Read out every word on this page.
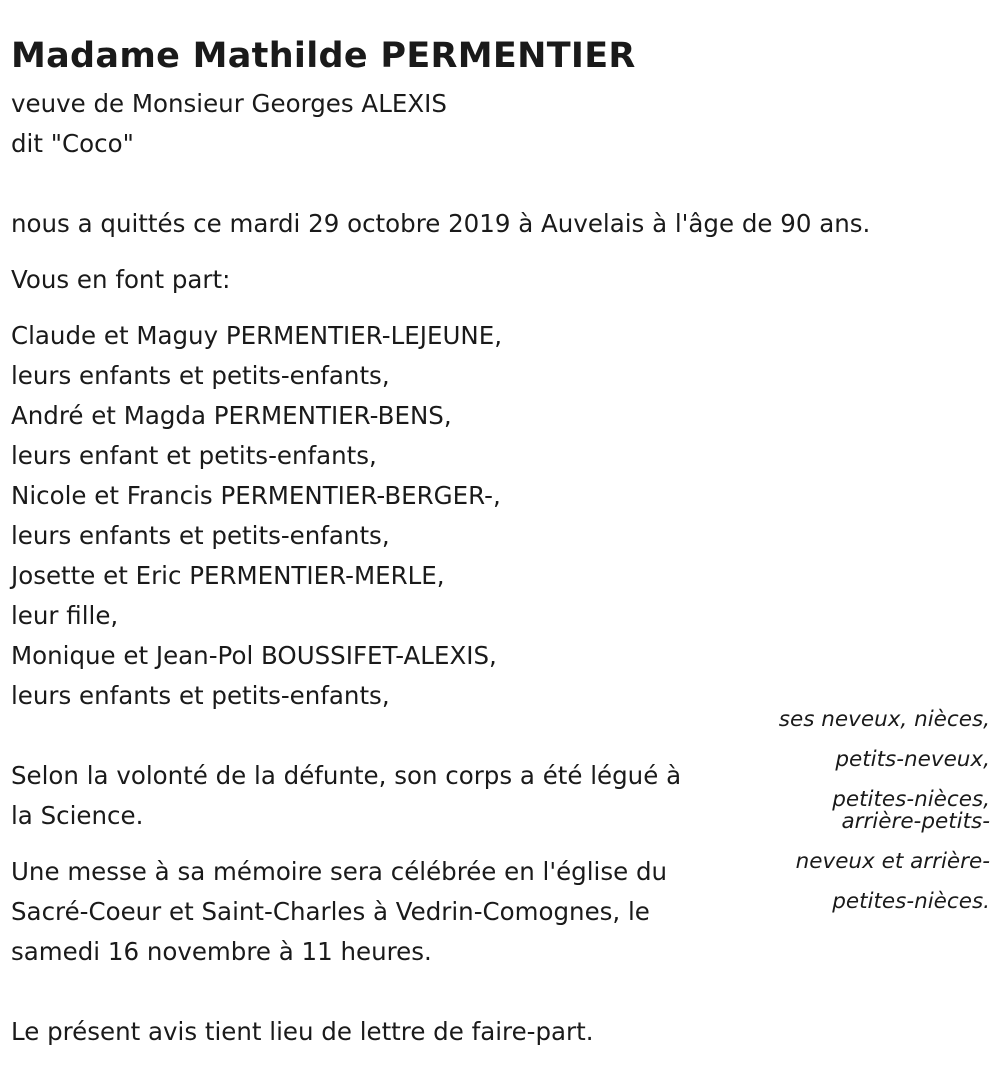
Madame Mathilde PERMENTIER
veuve de Monsieur Georges ALEXIS
dit "Coco"
nous a quittés ce mardi 29 octobre 2019 à Auvelais à l'âge de 90 ans.
Vous en font part:
Claude et Maguy PERMENTIER-LEJEUNE,
leurs enfants et petits-enfants,
André et Magda PERMENTIER-BENS,
leurs enfant et petits-enfants,
Nicole et Francis PERMENTIER-BERGER-,
leurs enfants et petits-enfants,
Josette et Eric PERMENTIER-MERLE,
leur fille,
Monique et Jean-Pol BOUSSIFET-ALEXIS,
leurs enfants et petits-enfants,
ses neveux, nièces,
petits-neveux,
petites-nièces,
arrière-petits-
neveux et arrière-
petites-nièces.
Selon la volonté de la défunte, son corps a été légué à
la Science.
Une messe à sa mémoire sera célébrée en l'église du
Sacré-Coeur et Saint-Charles à Vedrin-Comognes, le
samedi 16 novembre à 11 heures.
Le présent avis tient lieu de lettre de faire-part.
